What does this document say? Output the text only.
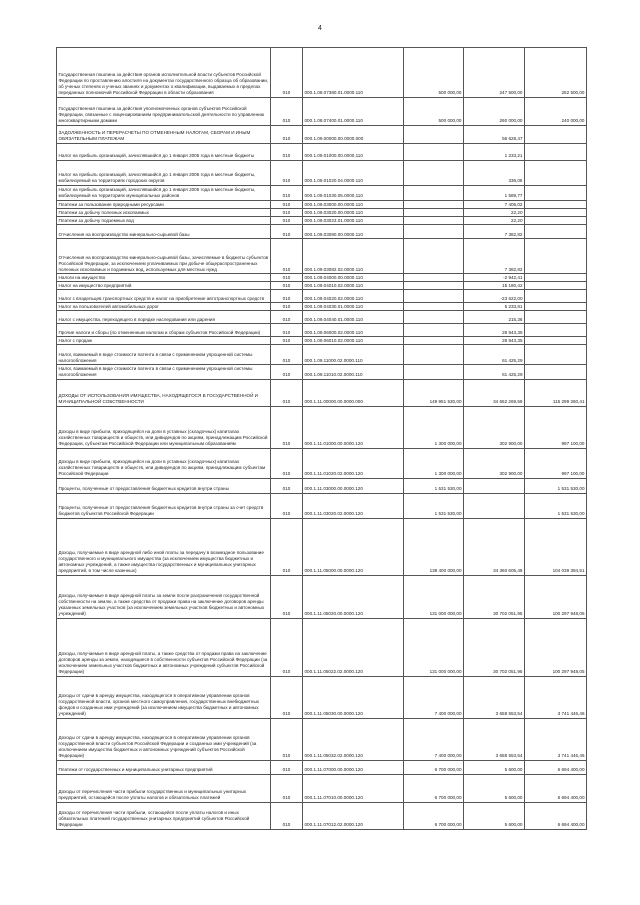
4
Государственная пошлина за действия органов исполнительной власти субъектов Российской Федерации по проставлению апостиля на документах государственного образца об образовании, об ученых степенях и ученых званиях и документах о квалификации, выдаваемых в пределах переданных полномочий Российской Федерации в области образования	010	000.1.08.07380.01.0000.110	500 000,00	247 500,00	252 500,00
Государственная пошлина за действия уполномоченных органов субъектов Российской Федерации, связанные с лицензированием предпринимательской деятельности по управлению многоквартирными домами	010	000.1.08.07400.01.0000.110	500 000,00	260 000,00	240 000,00
ЗАДОЛЖЕННОСТЬ И ПЕРЕРАСЧЕТЫ ПО ОТМЕНЕННЫМ НАЛОГАМ, СБОРАМ И ИНЫМ ОБЯЗАТЕЛЬНЫМ ПЛАТЕЖАМ	010	000.1.09.00000.00.0000.000		56 628,47	
Налог на прибыль организаций, зачислявшийся до 1 января 2005 года в местные бюджеты	010	000.1.09.01000.00.0000.110		1 233,21	
Налог на прибыль организаций, зачислявшийся до 1 января 2005 года в местные бюджеты, мобилизуемый на территориях городских округов	010	000.1.09.01020.04.0000.110		336,06	
Налог на прибыль организаций, зачислявшийся до 1 января 2005 года в местные бюджеты, мобилизуемый на территориях муниципальных районов	010	000.1.09.01030.05.0000.110		1 589,77	
Платежи за пользование природными ресурсами	010	000.1.09.03000.00.0000.110		7 405,02	
Платежи за добычу полезных ископаемых	010	000.1.09.03020.00.0000.110		22,20	
Платежи за добычу подземных вод	010	000.1.09.03023.01.0000.110		22,20	
Отчисления на воспроизводство минерально-сырьевой базы	010	000.1.09.03080.00.0000.110		7 382,82	
Отчисления на воспроизводство минерально-сырьевой базы, зачисляемые в бюджеты субъектов Российской Федерации, за исключением уплачиваемых при добыче общераспространенных полезных ископаемых и подземных вод, используемых для местных нужд	010	000.1.09.03082.02.0000.110		7 382,82	
Налоги на имущество	010	000.1.09.04000.00.0000.110		-2 942,41	
Налог на имущество предприятий	010	000.1.09.04010.02.0000.110		15 180,42	
Налог с владельцев транспортных средств и налог на приобретение автотранспортных средств	010	000.1.09.04020.02.0000.110		-23 622,00	
Налог на пользователей автомобильных дорог	010	000.1.09.04030.01.0000.110		5 233,81	
Налог с имущества, переходящего в порядке наследования или дарения	010	000.1.09.04040.01.0000.110		215,36	
Прочие налоги и сборы (по отмененным налогам и сборам субъектов Российской Федерации)	010	000.1.09.06000.02.0000.110		28 843,35	
Налог с продаж	010	000.1.09.06010.02.0000.110		28 843,35	
Налог, взимаемый в виде стоимости патента в связи с применением упрощенной системы налогообложения	010	000.1.09.11000.02.0000.110		61 425,29	
Налог, взимаемый в виде стоимости патента в связи с применением упрощенной системы налогообложения	010	000.1.09.11010.02.0000.110		61 425,29	
ДОХОДЫ ОТ ИСПОЛЬЗОВАНИЯ ИМУЩЕСТВА, НАХОДЯЩЕГОСЯ В ГОСУДАРСТВЕННОЙ И МУНИЦИПАЛЬНОЙ СОБСТВЕННОСТИ	010	000.1.11.00000.00.0000.000	149 951 530,00	34 652 269,59	115 299 260,41
Доходы в виде прибыли, приходящейся на доли в уставных (складочных) капиталах хозяйственных товариществ и обществ, или дивидендов по акциям, принадлежащим Российской Федерации, субъектам Российской Федерации или муниципальным образованиям	010	000.1.11.01000.00.0000.120	1 300 000,00	302 900,00	997 100,00
Доходы в виде прибыли, приходящейся на доли в уставных (складочных) капиталах хозяйственных товариществ и обществ, или дивидендов по акциям, принадлежащим субъектам Российской Федерации	010	000.1.11.01020.02.0000.120	1 300 000,00	302 900,00	997 100,00
Проценты, полученные от предоставления бюджетных кредитов внутри страны	010	000.1.11.03000.00.0000.120	1 531 530,00		1 531 530,00
Проценты, полученные от предоставления бюджетных кредитов внутри страны за счет средств бюджетов субъектов Российской Федерации	010	000.1.11.03020.02.0000.120	1 531 530,00		1 531 530,00
Доходы, получаемые в виде арендной либо иной платы за передачу в возмездное пользование государственного и муниципального имущества (за исключением имущества бюджетных и автономных учреждений, а также имущества государственных и муниципальных унитарных предприятий, в том числе казенных)	010	000.1.11.05000.00.0000.120	138 400 000,00	34 360 605,49	104 039 394,51
Доходы, получаемые в виде арендной платы за земли после разграничения государственной собственности на землю, а также средства от продажи права на заключение договоров аренды указанных земельных участков (за исключением земельных участков бюджетных и автономных учреждений)	010	000.1.11.05020.00.0000.120	131 000 000,00	30 702 051,95	100 297 948,05
Доходы, получаемые в виде арендной платы, а также средства от продажи права на заключение договоров аренды за земли, находящиеся в собственности субъектов Российской Федерации (за исключением земельных участков бюджетных и автономных учреждений субъектов Российской Федерации)	010	000.1.11.05022.02.0000.120	131 000 000,00	30 702 051,95	100 297 948,05
Доходы от сдачи в аренду имущества, находящегося в оперативном управлении органов государственной власти, органов местного самоуправления, государственных внебюджетных фондов и созданных ими учреждений (за исключением имущества бюджетных и автономных учреждений)	010	000.1.11.05030.00.0000.120	7 400 000,00	3 658 553,54	3 741 446,46
Доходы от сдачи в аренду имущества, находящегося в оперативном управлении органов государственной власти субъектов Российской Федерации и созданных ими учреждений (за исключением имущества бюджетных и автономных учреждений субъектов Российской Федерации)	010	000.1.11.05032.02.0000.120	7 400 000,00	3 658 553,54	3 741 446,46
Платежи от государственных и муниципальных унитарных предприятий	010	000.1.11.07000.00.0000.120	6 700 000,00	5 600,00	6 694 400,00
Доходы от перечисления части прибыли государственных и муниципальных унитарных предприятий, остающейся после уплаты налогов и обязательных платежей	010	000.1.11.07010.00.0000.120	6 700 000,00	5 600,00	6 694 400,00
Доходы от перечисления части прибыли, остающейся после уплаты налогов и иных обязательных платежей государственных унитарных предприятий субъектов Российской Федерации	010	000.1.11.07012.02.0000.120	6 700 000,00	5 600,00	6 694 400,00
